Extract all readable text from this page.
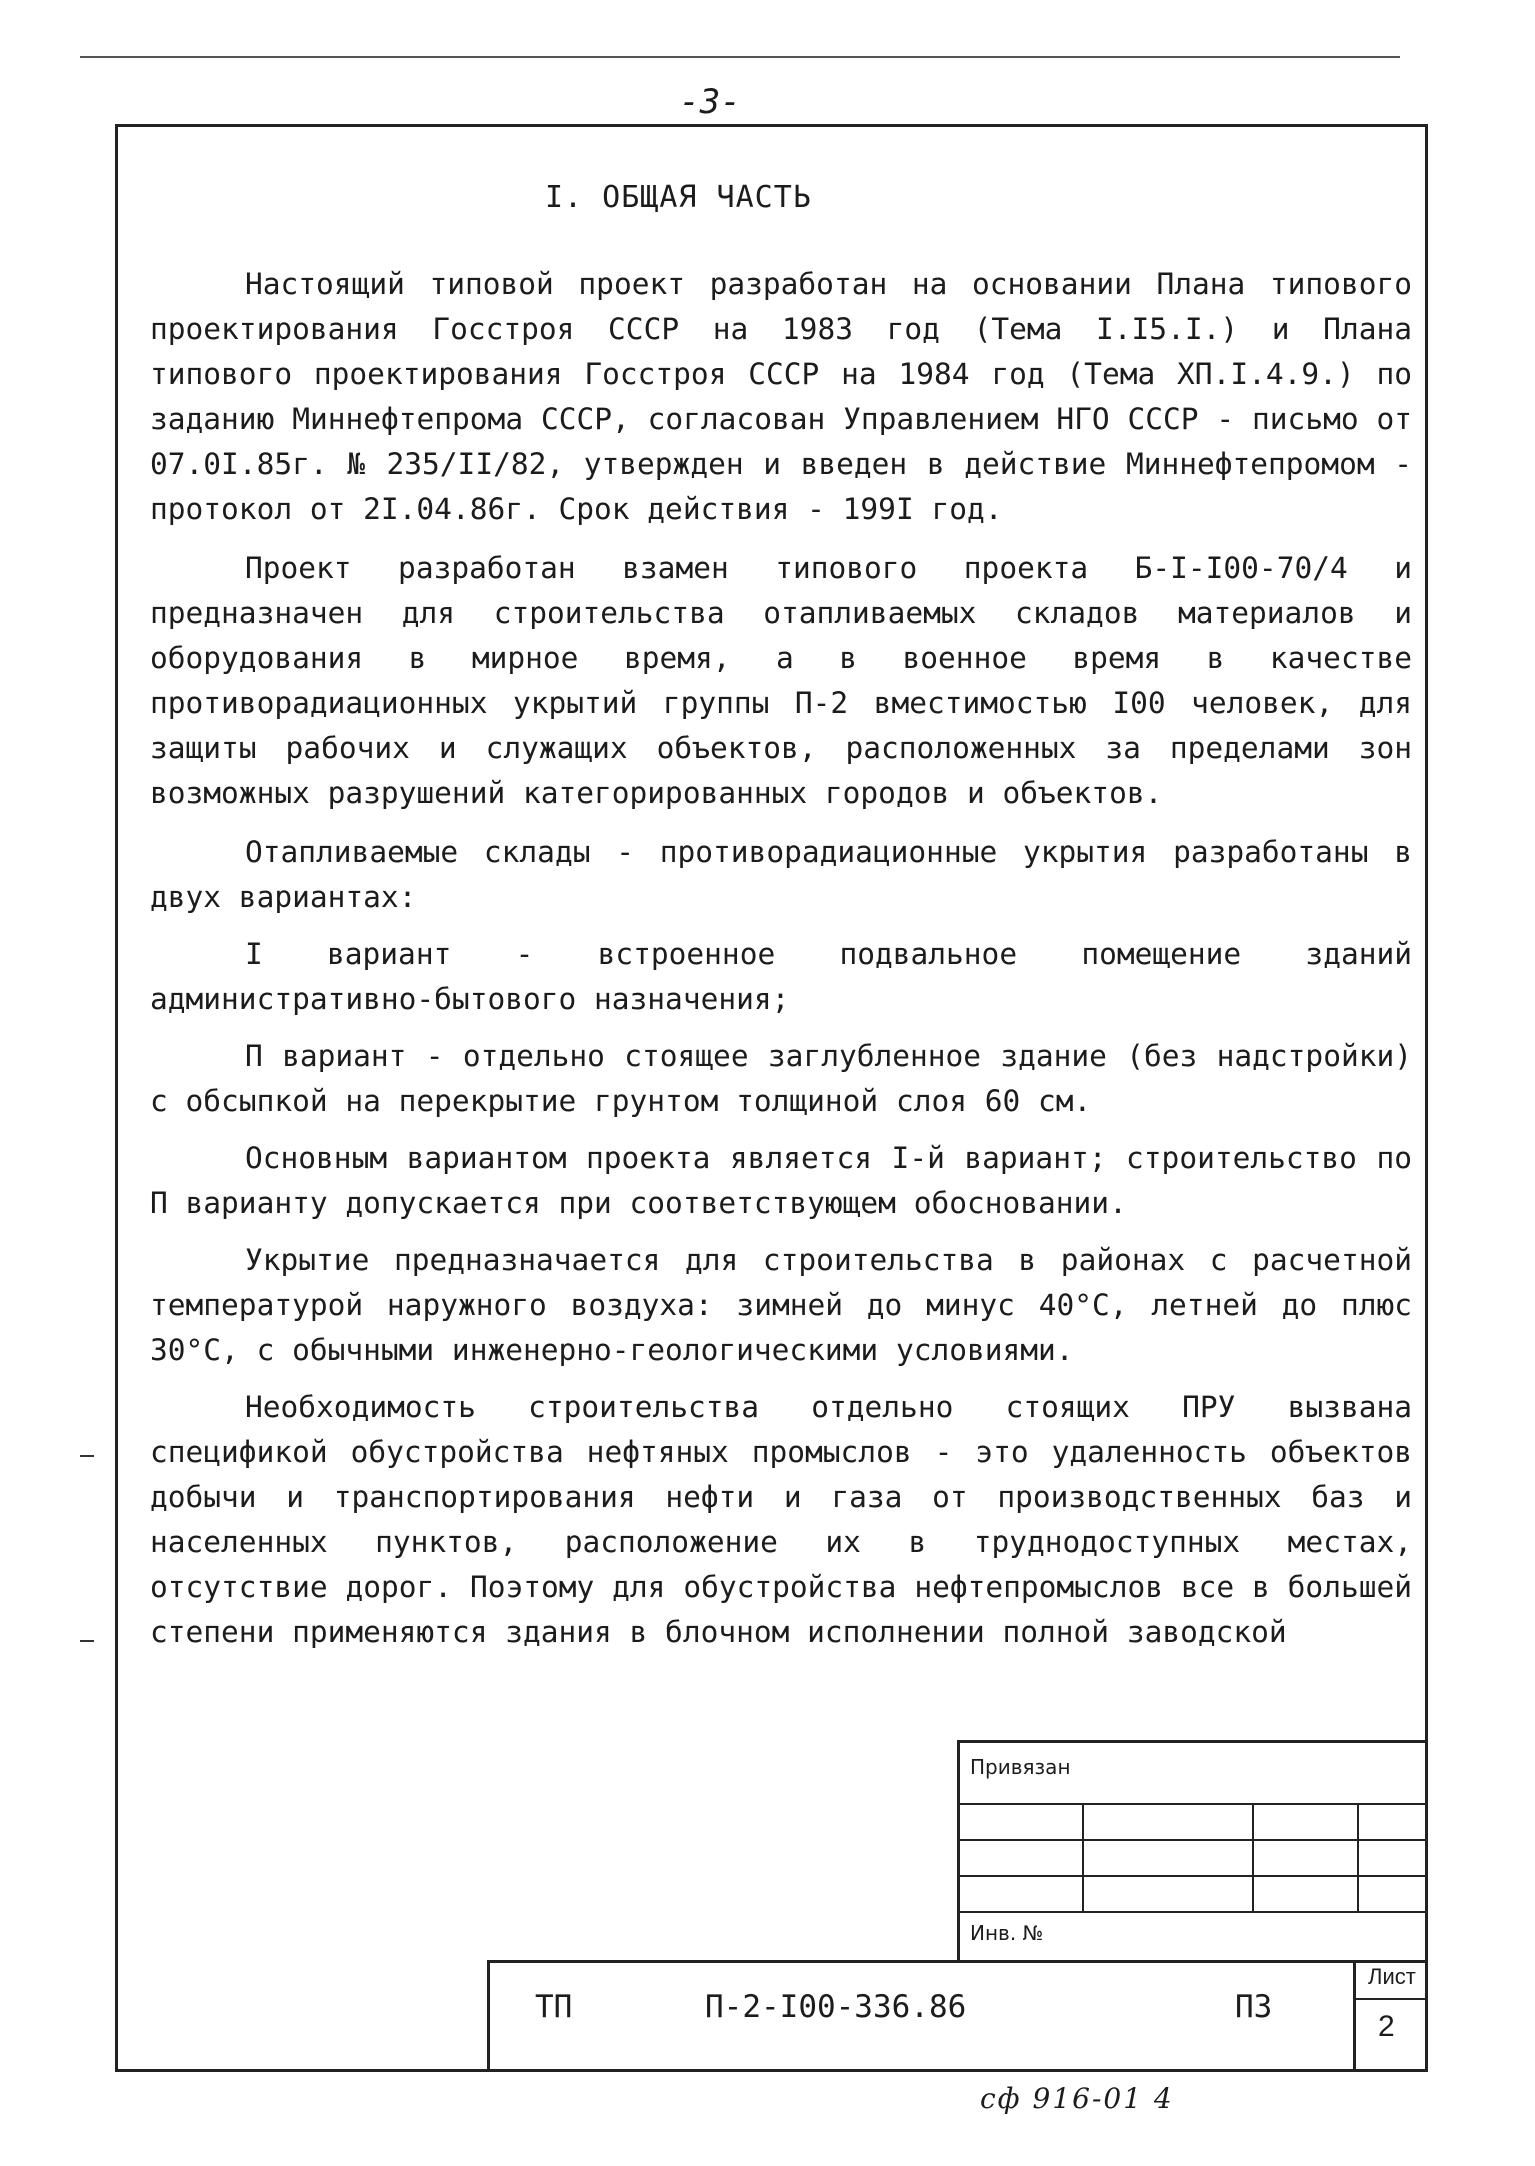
-3-
I. ОБЩАЯ ЧАСТЬ

Настоящий типовой проект разработан на основании Плана типового проектирования Госстроя СССР на 1983 год (Тема I.I5.I.) и Плана типового проектирования Госстроя СССР на 1984 год (Тема XП.I.4.9.) по заданию Миннефтепрома СССР, согласован Управлением НГО СССР - письмо от 07.0I.85г. № 235/II/82, утвержден и введен в действие Миннефтепромом - протокол от 2I.04.86г. Срок действия - 199I год.

Проект разработан взамен типового проекта Б-I-I00-70/4 и предназначен для строительства отапливаемых складов материалов и оборудования в мирное время, а в военное время в качестве противорадиационных укрытий группы П-2 вместимостью I00 человек, для защиты рабочих и служащих объектов, расположенных за пределами зон возможных разрушений категорированных городов и объектов.

Отапливаемые склады - противорадиационные укрытия разработаны в двух вариантах:

I вариант - встроенное подвальное помещение зданий административно-бытового назначения;

П вариант - отдельно стоящее заглубленное здание (без надстройки) с обсыпкой на перекрытие грунтом толщиной слоя 60 см.

Основным вариантом проекта является I-й вариант; строительство по П варианту допускается при соответствующем обосновании.

Укрытие предназначается для строительства в районах с расчетной температурой наружного воздуха: зимней до минус 40°С, летней до плюс 30°С, с обычными инженерно-геологическими условиями.

Необходимость строительства отдельно стоящих ПРУ вызвана спецификой обустройства нефтяных промыслов - это удаленность объектов добычи и транспортирования нефти и газа от производственных баз и населенных пунктов, расположение их в труднодоступных местах, отсутствие дорог. Поэтому для обустройства нефтепромыслов все в большей степени применяются здания в блочном исполнении полной заводской

Привязан
Инв. №
ТП	П-2-I00-336.86	ПЗ
Лист
2
сф 916-01 4
